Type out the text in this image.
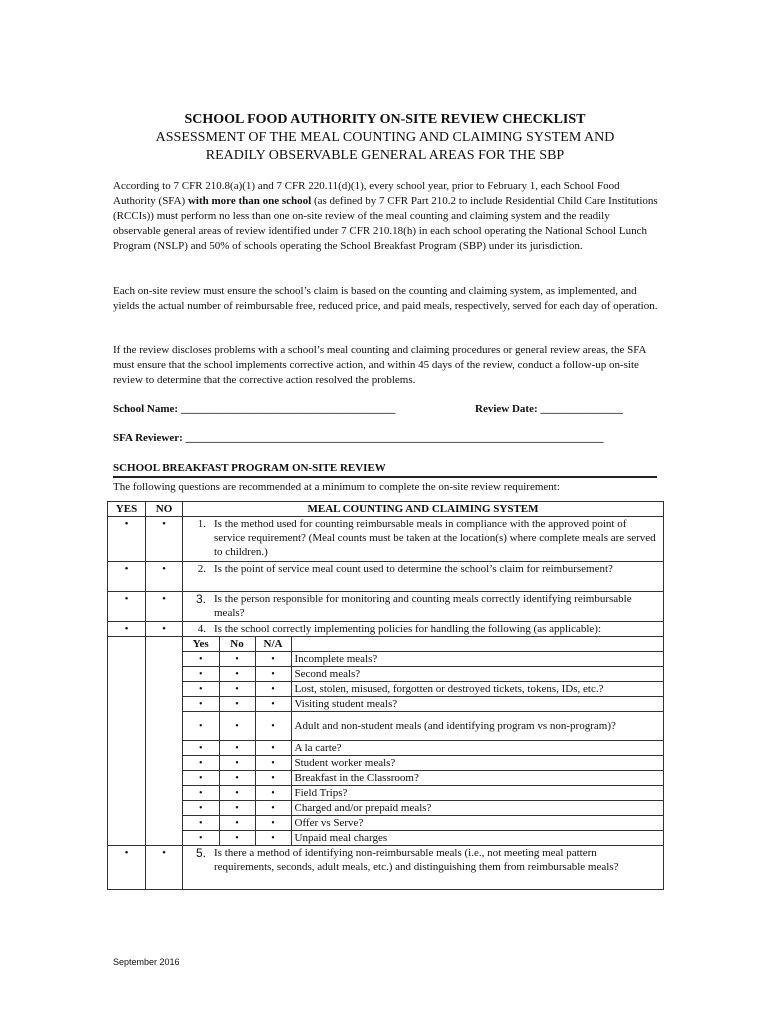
SCHOOL FOOD AUTHORITY ON-SITE REVIEW CHECKLIST
ASSESSMENT OF THE MEAL COUNTING AND CLAIMING SYSTEM AND
READILY OBSERVABLE GENERAL AREAS FOR THE SBP

According to 7 CFR 210.8(a)(1) and 7 CFR 220.11(d)(1), every school year, prior to February 1, each School Food Authority (SFA) with more than one school (as defined by 7 CFR Part 210.2 to include Residential Child Care Institutions (RCCIs)) must perform no less than one on-site review of the meal counting and claiming system and the readily observable general areas of review identified under 7 CFR 210.18(h) in each school operating the National School Lunch Program (NSLP) and 50% of schools operating the School Breakfast Program (SBP) under its jurisdiction.

Each on-site review must ensure the school’s claim is based on the counting and claiming system, as implemented, and yields the actual number of reimbursable free, reduced price, and paid meals, respectively, served for each day of operation.

If the review discloses problems with a school’s meal counting and claiming procedures or general review areas, the SFA must ensure that the school implements corrective action, and within 45 days of the review, conduct a follow-up on-site review to determine that the corrective action resolved the problems.

School Name: _______________________________________	Review Date: _______________
SFA Reviewer: ____________________________________________________________________________
SCHOOL BREAKFAST PROGRAM ON-SITE REVIEW
The following questions are recommended at a minimum to complete the on-site review requirement:
YES	NO	MEAL COUNTING AND CLAIMING SYSTEM
•	•	1. Is the method used for counting reimbursable meals in compliance with the approved point of service requirement? (Meal counts must be taken at the location(s) where complete meals are served to children.)

•	•	2. Is the point of service meal count used to determine the school’s claim for reimbursement?

•	•	3. Is the person responsible for monitoring and counting meals correctly identifying reimbursable meals?

•	•	4. Is the school correctly implementing policies for handling the following (as applicable):

Yes	No	N/A	
•	•	•	Incomplete meals?
•	•	•	Second meals?
•	•	•	Lost, stolen, misused, forgotten or destroyed tickets, tokens, IDs, etc.?
•	•	•	Visiting student meals?
•	•	•	Adult and non-student meals (and identifying program vs non-program)?
•	•	•	A la carte?
•	•	•	Student worker meals?
•	•	•	Breakfast in the Classroom?
•	•	•	Field Trips?
•	•	•	Charged and/or prepaid meals?
•	•	•	Offer vs Serve?
•	•	•	Unpaid meal charges

•	•	5. Is there a method of identifying non-reimbursable meals (i.e., not meeting meal pattern requirements, seconds, adult meals, etc.) and distinguishing them from reimbursable meals?
September 2016
